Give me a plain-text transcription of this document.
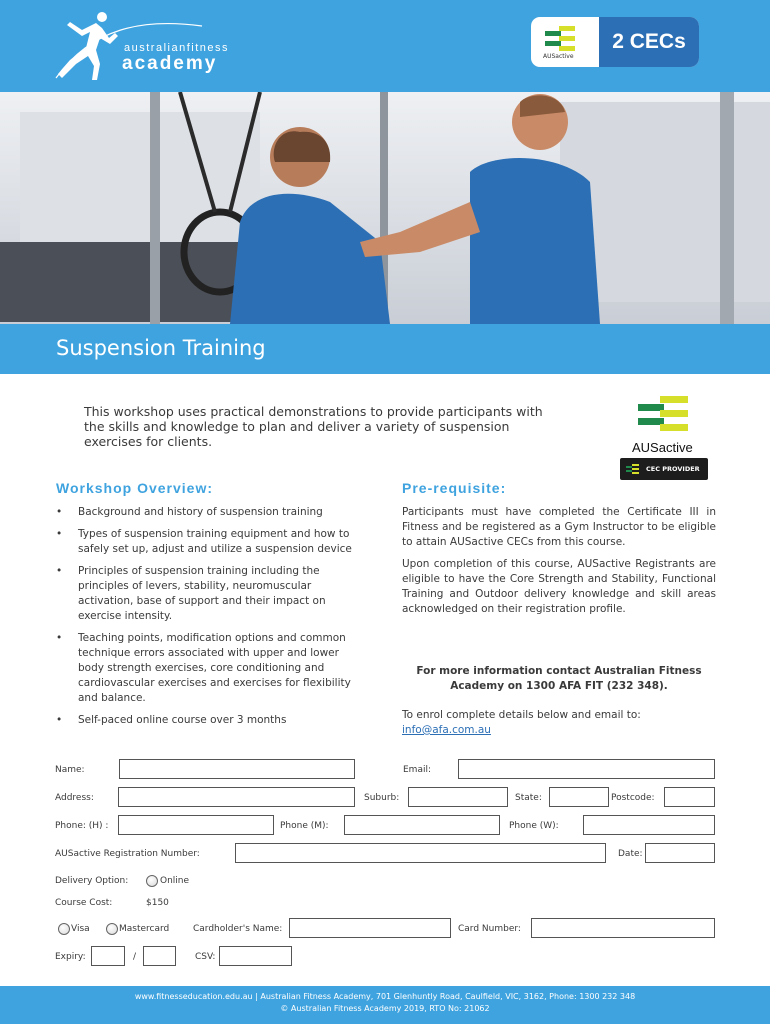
australianfitness
academy	AUSactive
2 CECs
Suspension Training

This workshop uses practical demonstrations to provide participants with the skills and knowledge to plan and deliver a variety of suspension exercises for clients.	AUSactive
CEC PROVIDER
Workshop Overview:	Pre-requisite:
• Background and history of suspension training
• Types of suspension training equipment and how to safely set up, adjust and utilize a suspension device
• Principles of suspension training including the principles of levers, stability, neuromuscular activation, base of support and their impact on exercise intensity.
• Teaching points, modification options and common technique errors associated with upper and lower body strength exercises, core conditioning and cardiovascular exercises and exercises for flexibility and balance.
• Self-paced online course over 3 months

Participants must have completed the Certificate III in Fitness and be registered as a Gym Instructor to be eligible to attain AUSactive CECs from this course.

Upon completion of this course, AUSactive Registrants are eligible to have the Core Strength and Stability, Functional Training and Outdoor delivery knowledge and skill areas acknowledged on their registration profile.

For more information contact Australian Fitness Academy on 1300 AFA FIT (232 348).
To enrol complete details below and email to:
info@afa.com.au
Name:	Email:
Address:	Suburb:	State:	Postcode:
Phone: (H) :	Phone (M):	Phone (W):
AUSactive Registration Number:	Date:
Delivery Option:	Online
Course Cost:	$150
Visa	Mastercard	Cardholder's Name:	Card Number:
Expiry:	/	CSV:
www.fitnesseducation.edu.au | Australian Fitness Academy, 701 Glenhuntly Road, Caulfield, VIC, 3162, Phone: 1300 232 348
© Australian Fitness Academy 2019, RTO No: 21062
